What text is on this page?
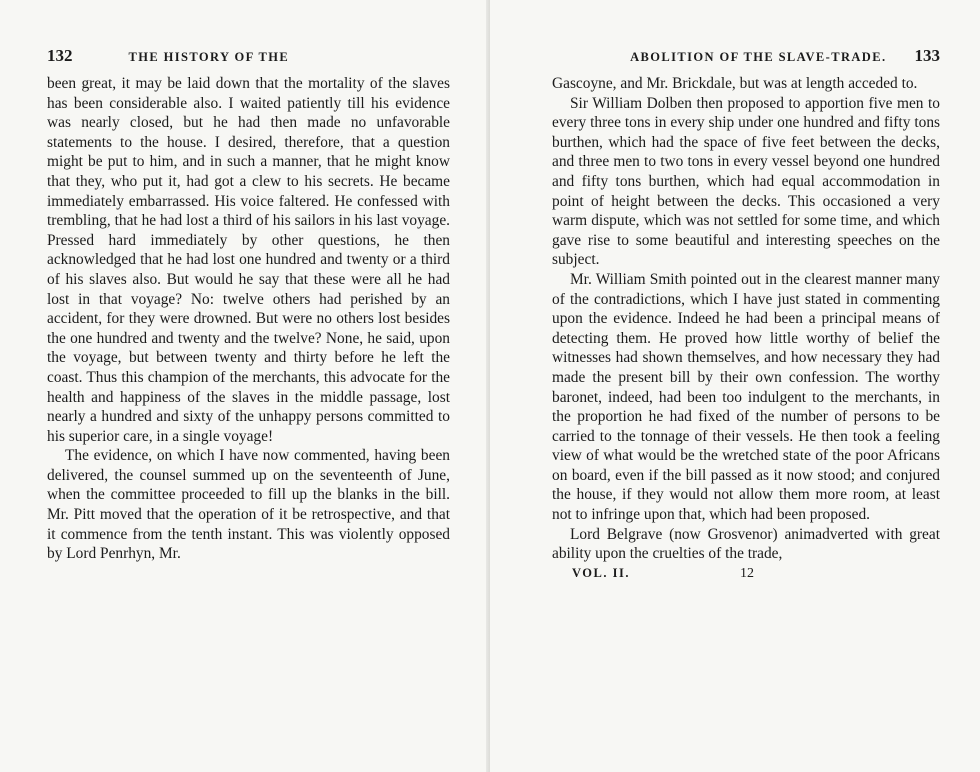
132	THE HISTORY OF THE

been great, it may be laid down that the mortality of the slaves has been considerable also. I waited patiently till his evidence was nearly closed, but he had then made no unfavorable statements to the house. I desired, therefore, that a question might be put to him, and in such a manner, that he might know that they, who put it, had got a clew to his secrets. He became immediately embarrassed. His voice faltered. He confessed with trembling, that he had lost a third of his sailors in his last voyage. Pressed hard immediately by other questions, he then acknowledged that he had lost one hundred and twenty or a third of his slaves also. But would he say that these were all he had lost in that voyage? No: twelve others had perished by an accident, for they were drowned. But were no others lost besides the one hundred and twenty and the twelve? None, he said, upon the voyage, but between twenty and thirty before he left the coast. Thus this champion of the merchants, this advocate for the health and happiness of the slaves in the middle passage, lost nearly a hundred and sixty of the unhappy persons committed to his superior care, in a single voyage!

The evidence, on which I have now commented, having been delivered, the counsel summed up on the seventeenth of June, when the committee proceeded to fill up the blanks in the bill. Mr. Pitt moved that the operation of it be retrospective, and that it commence from the tenth instant. This was violently opposed by Lord Penrhyn, Mr.

ABOLITION OF THE SLAVE-TRADE. 133

Gascoyne, and Mr. Brickdale, but was at length acceded to.

Sir William Dolben then proposed to apportion five men to every three tons in every ship under one hundred and fifty tons burthen, which had the space of five feet between the decks, and three men to two tons in every vessel beyond one hundred and fifty tons burthen, which had equal accommodation in point of height between the decks. This occasioned a very warm dispute, which was not settled for some time, and which gave rise to some beautiful and interesting speeches on the subject.

Mr. William Smith pointed out in the clearest manner many of the contradictions, which I have just stated in commenting upon the evidence. Indeed he had been a principal means of detecting them. He proved how little worthy of belief the witnesses had shown themselves, and how necessary they had made the present bill by their own confession. The worthy baronet, indeed, had been too indulgent to the merchants, in the proportion he had fixed of the number of persons to be carried to the tonnage of their vessels. He then took a feeling view of what would be the wretched state of the poor Africans on board, even if the bill passed as it now stood; and conjured the house, if they would not allow them more room, at least not to infringe upon that, which had been proposed.

Lord Belgrave (now Grosvenor) animadverted with great ability upon the cruelties of the trade,

VOL. II.	12
